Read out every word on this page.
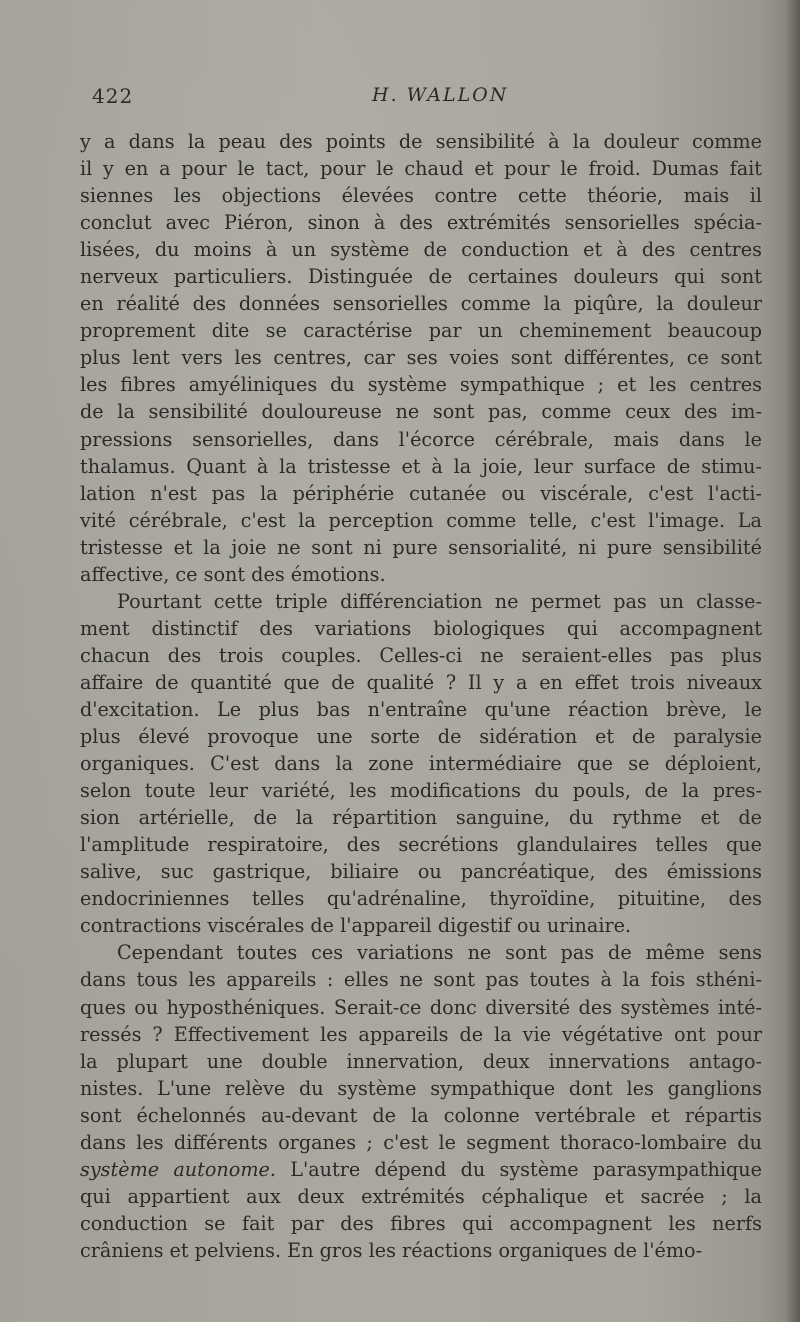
422	H. WALLON
y a dans la peau des points de sensibilité à la douleur comme
il y en a pour le tact, pour le chaud et pour le froid. Dumas fait
siennes les objections élevées contre cette théorie, mais il
conclut avec Piéron, sinon à des extrémités sensorielles spécia-
lisées, du moins à un système de conduction et à des centres
nerveux particuliers. Distinguée de certaines douleurs qui sont
en réalité des données sensorielles comme la piqûre, la douleur
proprement dite se caractérise par un cheminement beaucoup
plus lent vers les centres, car ses voies sont différentes, ce sont
les fibres amyéliniques du système sympathique ; et les centres
de la sensibilité douloureuse ne sont pas, comme ceux des im-
pressions sensorielles, dans l'écorce cérébrale, mais dans le
thalamus. Quant à la tristesse et à la joie, leur surface de stimu-
lation n'est pas la périphérie cutanée ou viscérale, c'est l'acti-
vité cérébrale, c'est la perception comme telle, c'est l'image. La
tristesse et la joie ne sont ni pure sensorialité, ni pure sensibilité
affective, ce sont des émotions.
Pourtant cette triple différenciation ne permet pas un classe-
ment distinctif des variations biologiques qui accompagnent
chacun des trois couples. Celles-ci ne seraient-elles pas plus
affaire de quantité que de qualité ? Il y a en effet trois niveaux
d'excitation. Le plus bas n'entraîne qu'une réaction brève, le
plus élevé provoque une sorte de sidération et de paralysie
organiques. C'est dans la zone intermédiaire que se déploient,
selon toute leur variété, les modifications du pouls, de la pres-
sion artérielle, de la répartition sanguine, du rythme et de
l'amplitude respiratoire, des secrétions glandulaires telles que
salive, suc gastrique, biliaire ou pancréatique, des émissions
endocriniennes telles qu'adrénaline, thyroïdine, pituitine, des
contractions viscérales de l'appareil digestif ou urinaire.
Cependant toutes ces variations ne sont pas de même sens
dans tous les appareils : elles ne sont pas toutes à la fois sthéni-
ques ou hyposthéniques. Serait-ce donc diversité des systèmes inté-
ressés ? Effectivement les appareils de la vie végétative ont pour
la plupart une double innervation, deux innervations antago-
nistes. L'une relève du système sympathique dont les ganglions
sont échelonnés au-devant de la colonne vertébrale et répartis
dans les différents organes ; c'est le segment thoraco-lombaire du
système autonome. L'autre dépend du système parasympathique
qui appartient aux deux extrémités céphalique et sacrée ; la
conduction se fait par des fibres qui accompagnent les nerfs
crâniens et pelviens. En gros les réactions organiques de l'émo-
